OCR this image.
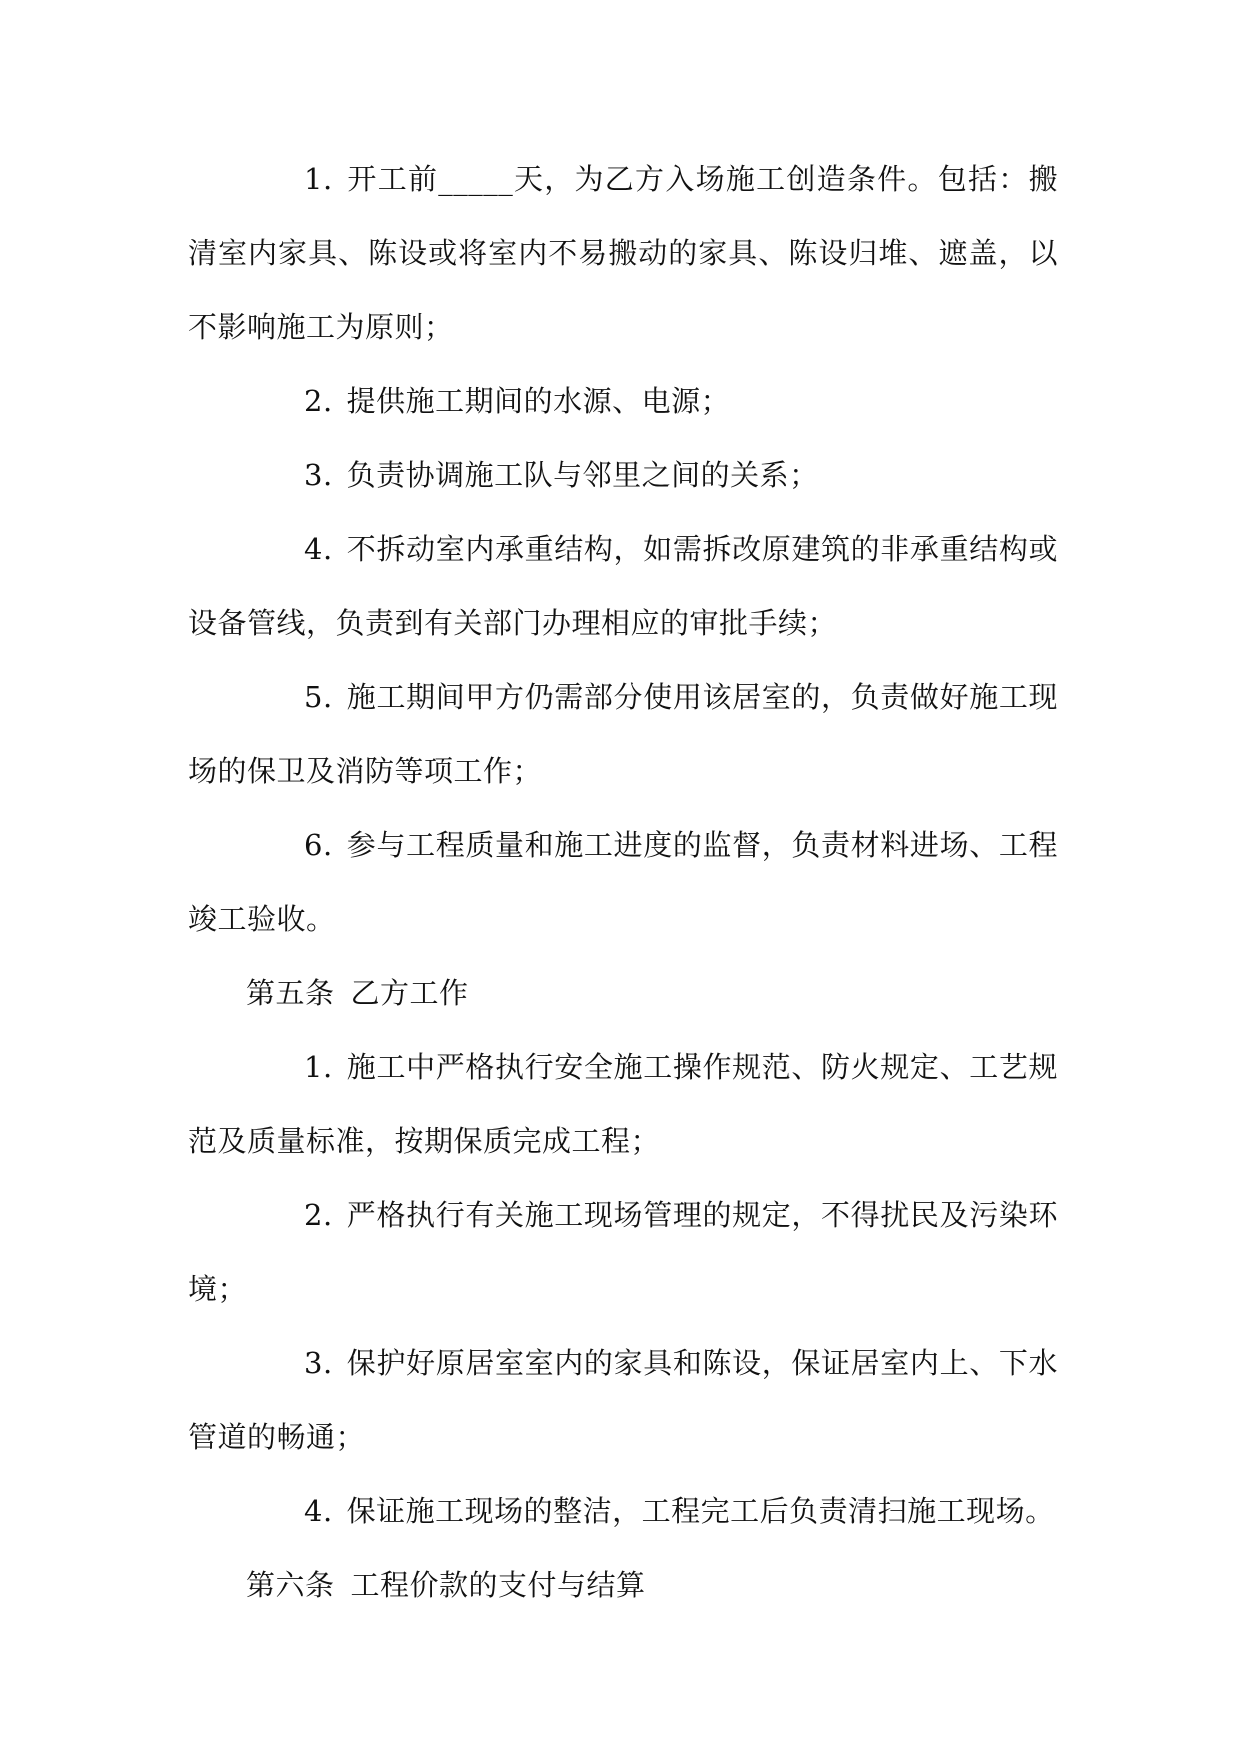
1. 开工前_____天，为乙方入场施工创造条件。包括：搬清室内家具、陈设或将室内不易搬动的家具、陈设归堆、遮盖，以不影响施工为原则；

2. 提供施工期间的水源、电源；

3. 负责协调施工队与邻里之间的关系；

4. 不拆动室内承重结构，如需拆改原建筑的非承重结构或设备管线，负责到有关部门办理相应的审批手续；

5. 施工期间甲方仍需部分使用该居室的，负责做好施工现场的保卫及消防等项工作；

6. 参与工程质量和施工进度的监督，负责材料进场、工程竣工验收。

第五条 乙方工作

1. 施工中严格执行安全施工操作规范、防火规定、工艺规范及质量标准，按期保质完成工程；

2. 严格执行有关施工现场管理的规定，不得扰民及污染环境；

3. 保护好原居室室内的家具和陈设，保证居室内上、下水管道的畅通；

4. 保证施工现场的整洁，工程完工后负责清扫施工现场。

第六条 工程价款的支付与结算
